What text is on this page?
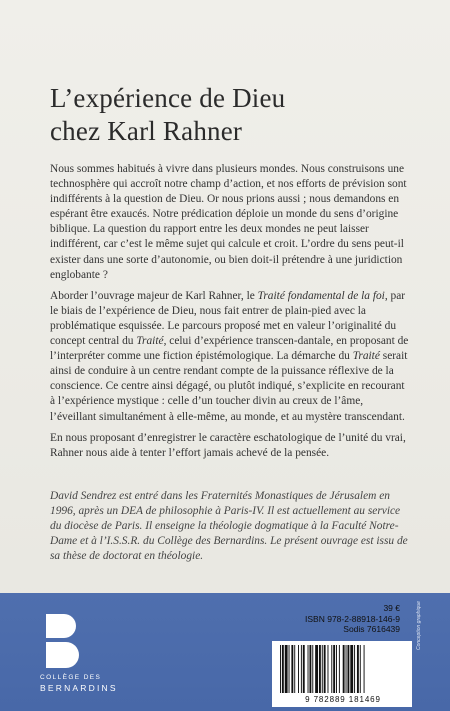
L’expérience de Dieu
chez Karl Rahner
Nous sommes habitués à vivre dans plusieurs mondes. Nous construisons une technosphère qui accroît notre champ d’action, et nos efforts de prévision sont indifférents à la question de Dieu. Or nous prions aussi ; nous demandons en espérant être exaucés. Notre prédication déploie un monde du sens d’origine biblique. La question du rapport entre les deux mondes ne peut laisser indifférent, car c’est le même sujet qui calcule et croit. L’ordre du sens peut-il exister dans une sorte d’autonomie, ou bien doit-il prétendre à une juridiction englobante ?
Aborder l’ouvrage majeur de Karl Rahner, le Traité fondamental de la foi, par le biais de l’expérience de Dieu, nous fait entrer de plain-pied avec la problématique esquissée. Le parcours proposé met en valeur l’originalité du concept central du Traité, celui d’expérience transcen-dantale, en proposant de l’interpréter comme une fiction épistémologique. La démarche du Traité serait ainsi de conduire à un centre rendant compte de la puissance réflexive de la conscience. Ce centre ainsi dégagé, ou plutôt indiqué, s’explicite en recourant à l’expérience mystique : celle d’un toucher divin au creux de l’âme, l’éveillant simultanément à elle-même, au monde, et au mystère transcendant.
En nous proposant d’enregistrer le caractère eschatologique de l’unité du vrai, Rahner nous aide à tenter l’effort jamais achevé de la pensée.
David Sendrez est entré dans les Fraternités Monastiques de Jérusalem en 1996, après un DEA de philosophie à Paris-IV. Il est actuellement au service du diocèse de Paris. Il enseigne la théologie dogmatique à la Faculté Notre-Dame et à l’I.S.S.R. du Collège des Bernardins. Le présent ouvrage est issu de sa thèse de doctorat en théologie.
COLLÈGE DES
BERNARDINS
39 €
ISBN 978-2-88918-146-9
Sodis 7616439
9 782889 181469
Conception graphique
